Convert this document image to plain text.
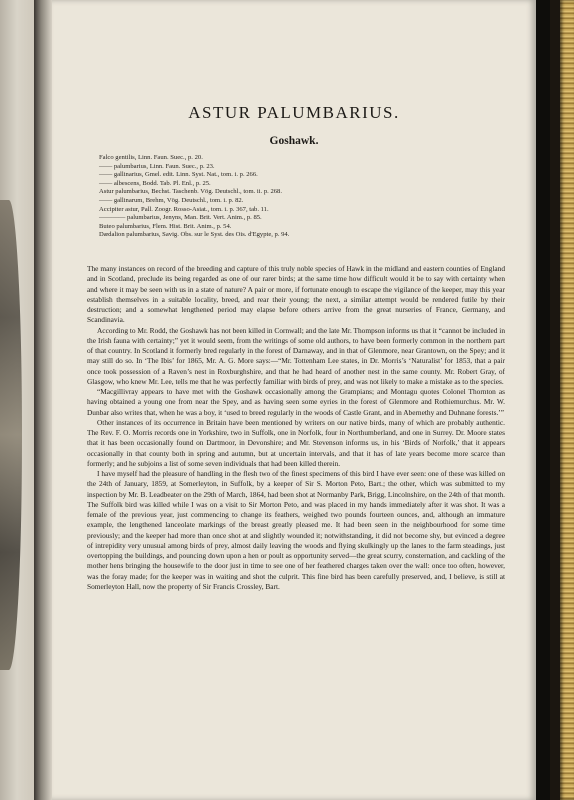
ASTUR PALUMBARIUS.
Goshawk.
Falco gentilis, Linn. Faun. Suec., p. 20.
—— palumbarius, Linn. Faun. Suec., p. 23.
—— gallinarius, Gmel. edit. Linn. Syst. Nat., tom. i. p. 266.
—— albescens, Bodd. Tab. Pl. Enl., p. 25.
Astur palumbarius, Bechst. Taschenb. Vög. Deutschl., tom. ii. p. 268.
—— gallinarum, Brehm, Vög. Deutschl., tom. i. p. 82.
Accipiter astur, Pall. Zoogr. Rosso-Asiat., tom. i. p. 367, tab. 11.
———— palumbarius, Jenyns, Man. Brit. Vert. Anim., p. 85.
Buteo palumbarius, Flem. Hist. Brit. Anim., p. 54.
Dædalion palumbarius, Savig. Obs. sur le Syst. des Ois. d'Egypte, p. 94.

The many instances on record of the breeding and capture of this truly noble species of Hawk in the midland and eastern counties of England and in Scotland, preclude its being regarded as one of our rarer birds; at the same time how difficult would it be to say with certainty when and where it may be seen with us in a state of nature? A pair or more, if fortunate enough to escape the vigilance of the keeper, may this year establish themselves in a suitable locality, breed, and rear their young; the next, a similar attempt would be rendered futile by their destruction; and a somewhat lengthened period may elapse before others arrive from the great nurseries of France, Germany, and Scandinavia.

According to Mr. Rodd, the Goshawk has not been killed in Cornwall; and the late Mr. Thompson informs us that it “cannot be included in the Irish fauna with certainty;” yet it would seem, from the writings of some old authors, to have been formerly common in the northern part of that country. In Scotland it formerly bred regularly in the forest of Darnaway, and in that of Glenmore, near Grantown, on the Spey; and it may still do so. In ‘The Ibis’ for 1865, Mr. A. G. More says:—“Mr. Tottenham Lee states, in Dr. Morris’s ‘Naturalist’ for 1853, that a pair once took possession of a Raven’s nest in Roxburghshire, and that he had heard of another nest in the same county. Mr. Robert Gray, of Glasgow, who knew Mr. Lee, tells me that he was perfectly familiar with birds of prey, and was not likely to make a mistake as to the species.

“Macgillivray appears to have met with the Goshawk occasionally among the Grampians; and Montagu quotes Colonel Thornton as having obtained a young one from near the Spey, and as having seen some eyries in the forest of Glenmore and Rothiemurchus. Mr. W. Dunbar also writes that, when he was a boy, it ‘used to breed regularly in the woods of Castle Grant, and in Abernethy and Duhnane forests.’”

Other instances of its occurrence in Britain have been mentioned by writers on our native birds, many of which are probably authentic. The Rev. F. O. Morris records one in Yorkshire, two in Suffolk, one in Norfolk, four in Northumberland, and one in Surrey. Dr. Moore states that it has been occasionally found on Dartmoor, in Devonshire; and Mr. Stevenson informs us, in his ‘Birds of Norfolk,’ that it appears occasionally in that county both in spring and autumn, but at uncertain intervals, and that it has of late years become more scarce than formerly; and he subjoins a list of some seven individuals that had been killed therein.

I have myself had the pleasure of handling in the flesh two of the finest specimens of this bird I have ever seen: one of these was killed on the 24th of January, 1859, at Somerleyton, in Suffolk, by a keeper of Sir S. Morton Peto, Bart.; the other, which was submitted to my inspection by Mr. B. Leadbeater on the 29th of March, 1864, had been shot at Normanby Park, Brigg, Lincolnshire, on the 24th of that month. The Suffolk bird was killed while I was on a visit to Sir Morton Peto, and was placed in my hands immediately after it was shot. It was a female of the previous year, just commencing to change its feathers, weighed two pounds fourteen ounces, and, although an immature example, the lengthened lanceolate markings of the breast greatly pleased me. It had been seen in the neighbourhood for some time previously; and the keeper had more than once shot at and slightly wounded it; notwithstanding, it did not become shy, but evinced a degree of intrepidity very unusual among birds of prey, almost daily leaving the woods and flying skulkingly up the lanes to the farm steadings, just overtopping the buildings, and pouncing down upon a hen or poult as opportunity served—the great scurry, consternation, and cackling of the mother hens bringing the housewife to the door just in time to see one of her feathered charges taken over the wall: once too often, however, was the foray made; for the keeper was in waiting and shot the culprit. This fine bird has been carefully preserved, and, I believe, is still at Somerleyton Hall, now the property of Sir Francis Crossley, Bart.
